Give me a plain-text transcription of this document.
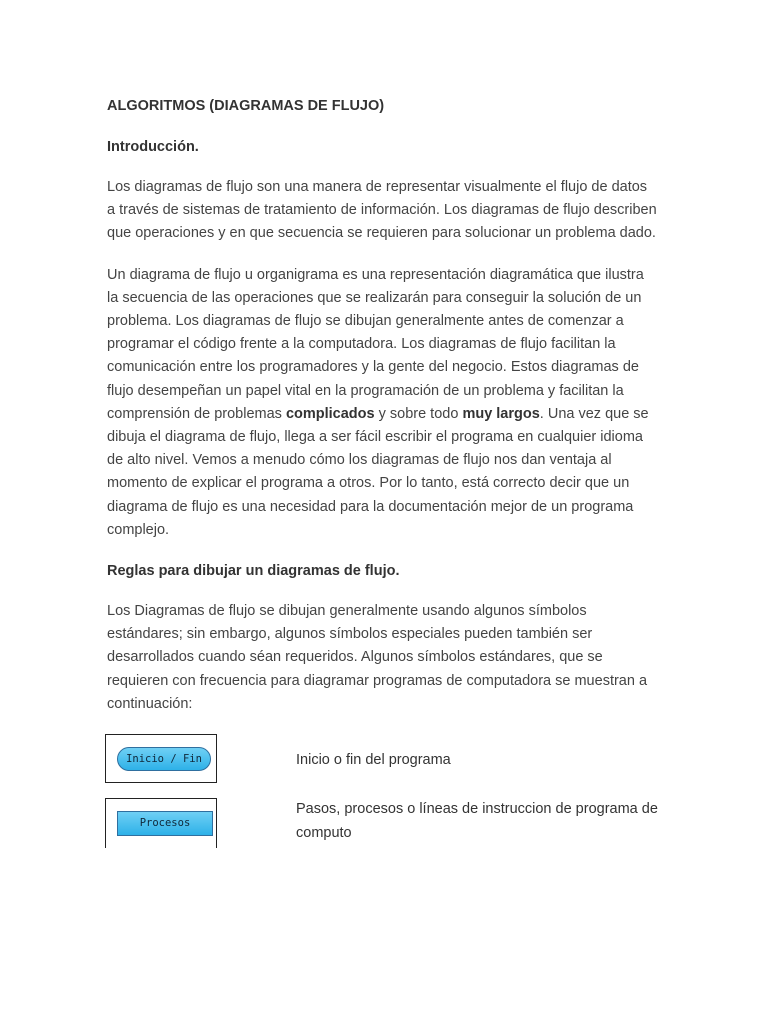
ALGORITMOS (DIAGRAMAS DE FLUJO)

Introducción.

Los diagramas de flujo son una manera de representar visualmente el flujo de datos a través de sistemas de tratamiento de información. Los diagramas de flujo describen que operaciones y en que secuencia se requieren para solucionar un problema dado.

Un diagrama de flujo u organigrama es una representación diagramática que ilustra la secuencia de las operaciones que se realizarán para conseguir la solución de un problema. Los diagramas de flujo se dibujan generalmente antes de comenzar a programar el código frente a la computadora. Los diagramas de flujo facilitan la comunicación entre los programadores y la gente del negocio. Estos diagramas de flujo desempeñan un papel vital en la programación de un problema y facilitan la comprensión de problemas complicados y sobre todo muy largos. Una vez que se dibuja el diagrama de flujo, llega a ser fácil escribir el programa en cualquier idioma de alto nivel. Vemos a menudo cómo los diagramas de flujo nos dan ventaja al momento de explicar el programa a otros. Por lo tanto, está correcto decir que un diagrama de flujo es una necesidad para la documentación mejor de un programa complejo.

Reglas para dibujar un diagramas de flujo.

Los Diagramas de flujo se dibujan generalmente usando algunos símbolos estándares; sin embargo, algunos símbolos especiales pueden también ser desarrollados cuando séan requeridos. Algunos símbolos estándares, que se requieren con frecuencia para diagramar programas de computadora se muestran a continuación:

Inicio / Fin	Inicio o fin del programa
Procesos
Pasos, procesos o líneas de instruccion de programa de computo
